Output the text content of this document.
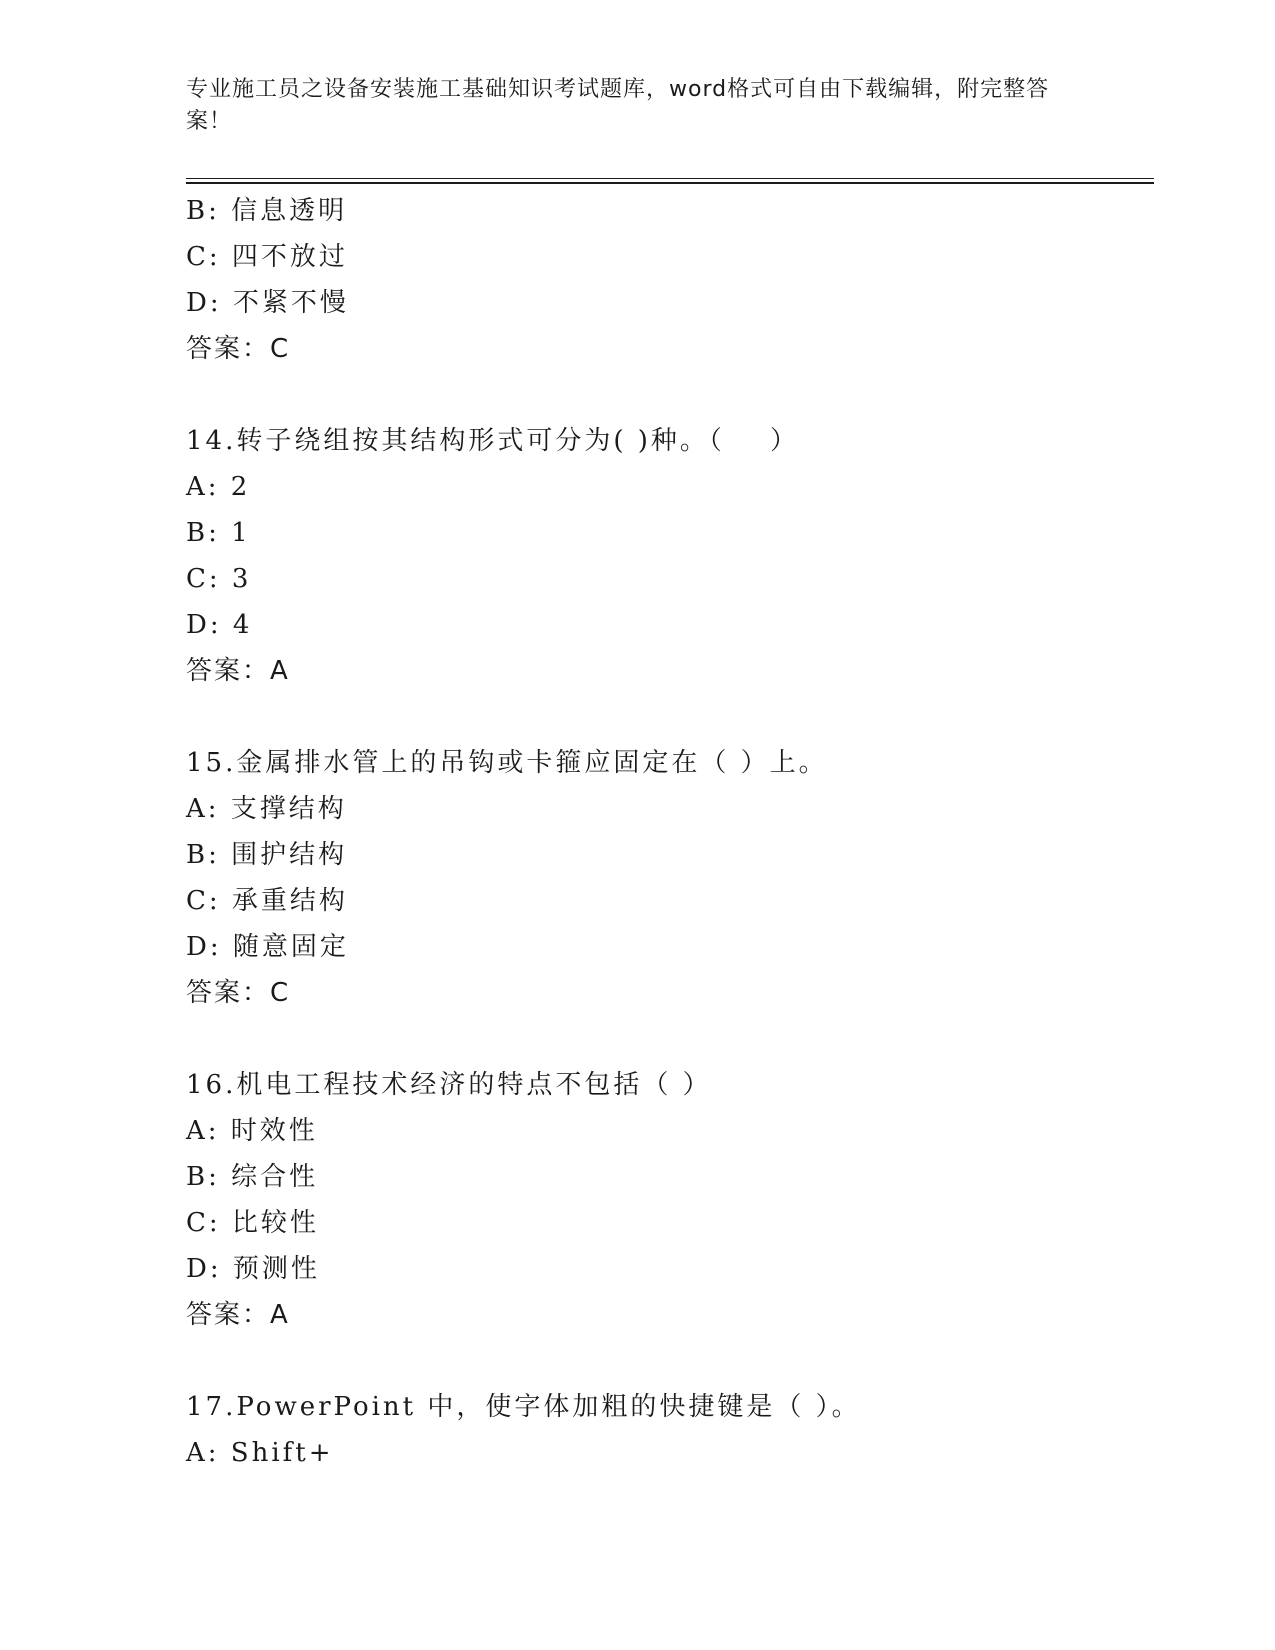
专业施工员之设备安装施工基础知识考试题库，word格式可自由下载编辑，附完整答案！
B: 信息透明
C: 四不放过
D: 不紧不慢
答案：C
14.转子绕组按其结构形式可分为( )种。（    ）
A: 2
B: 1
C: 3
D: 4
答案：A
15.金属排水管上的吊钩或卡箍应固定在（ ）上。
A: 支撑结构
B: 围护结构
C: 承重结构
D: 随意固定
答案：C
16.机电工程技术经济的特点不包括（ ）
A: 时效性
B: 综合性
C: 比较性
D: 预测性
答案：A
17.PowerPoint 中，使字体加粗的快捷键是（ ）。
A: Shift+
